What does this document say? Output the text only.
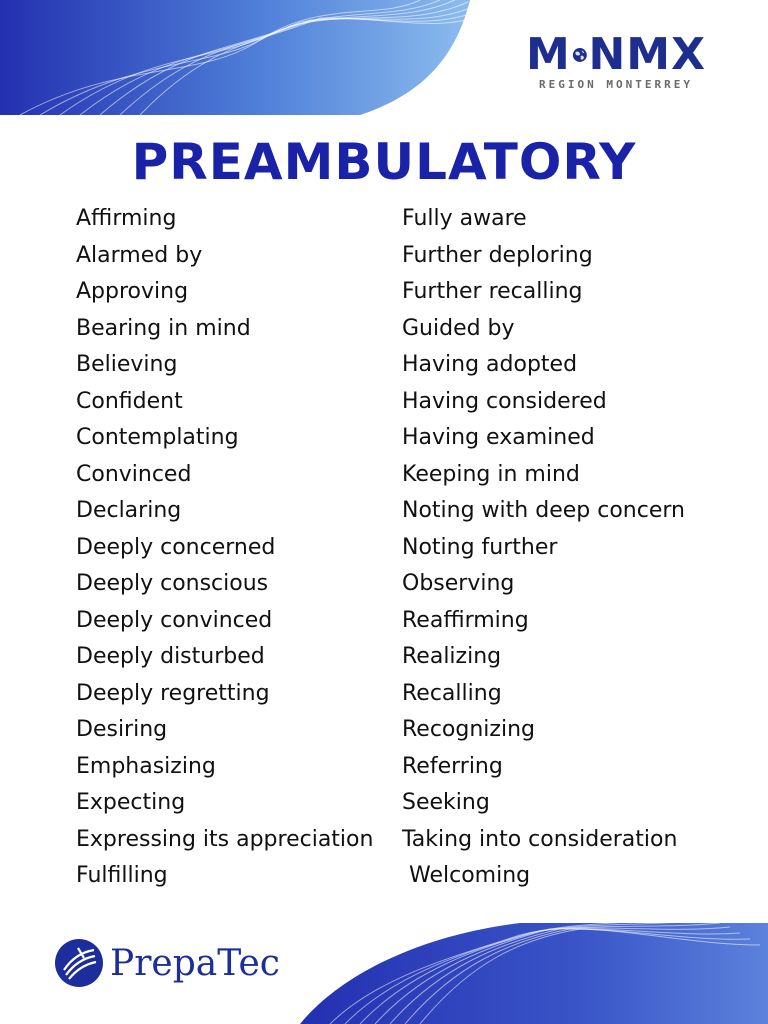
M NMX
REGION MONTERREY
PREAMBULATORY
Affirming
Alarmed by
Approving
Bearing in mind
Believing
Confident
Contemplating
Convinced
Declaring
Deeply concerned
Deeply conscious
Deeply convinced
Deeply disturbed
Deeply regretting
Desiring
Emphasizing
Expecting
Expressing its appreciation
Fulfilling
Fully aware
Further deploring
Further recalling
Guided by
Having adopted
Having considered
Having examined
Keeping in mind
Noting with deep concern
Noting further
Observing
Reaffirming
Realizing
Recalling
Recognizing
Referring
Seeking
Taking into consideration
Welcoming
PrepaTec
